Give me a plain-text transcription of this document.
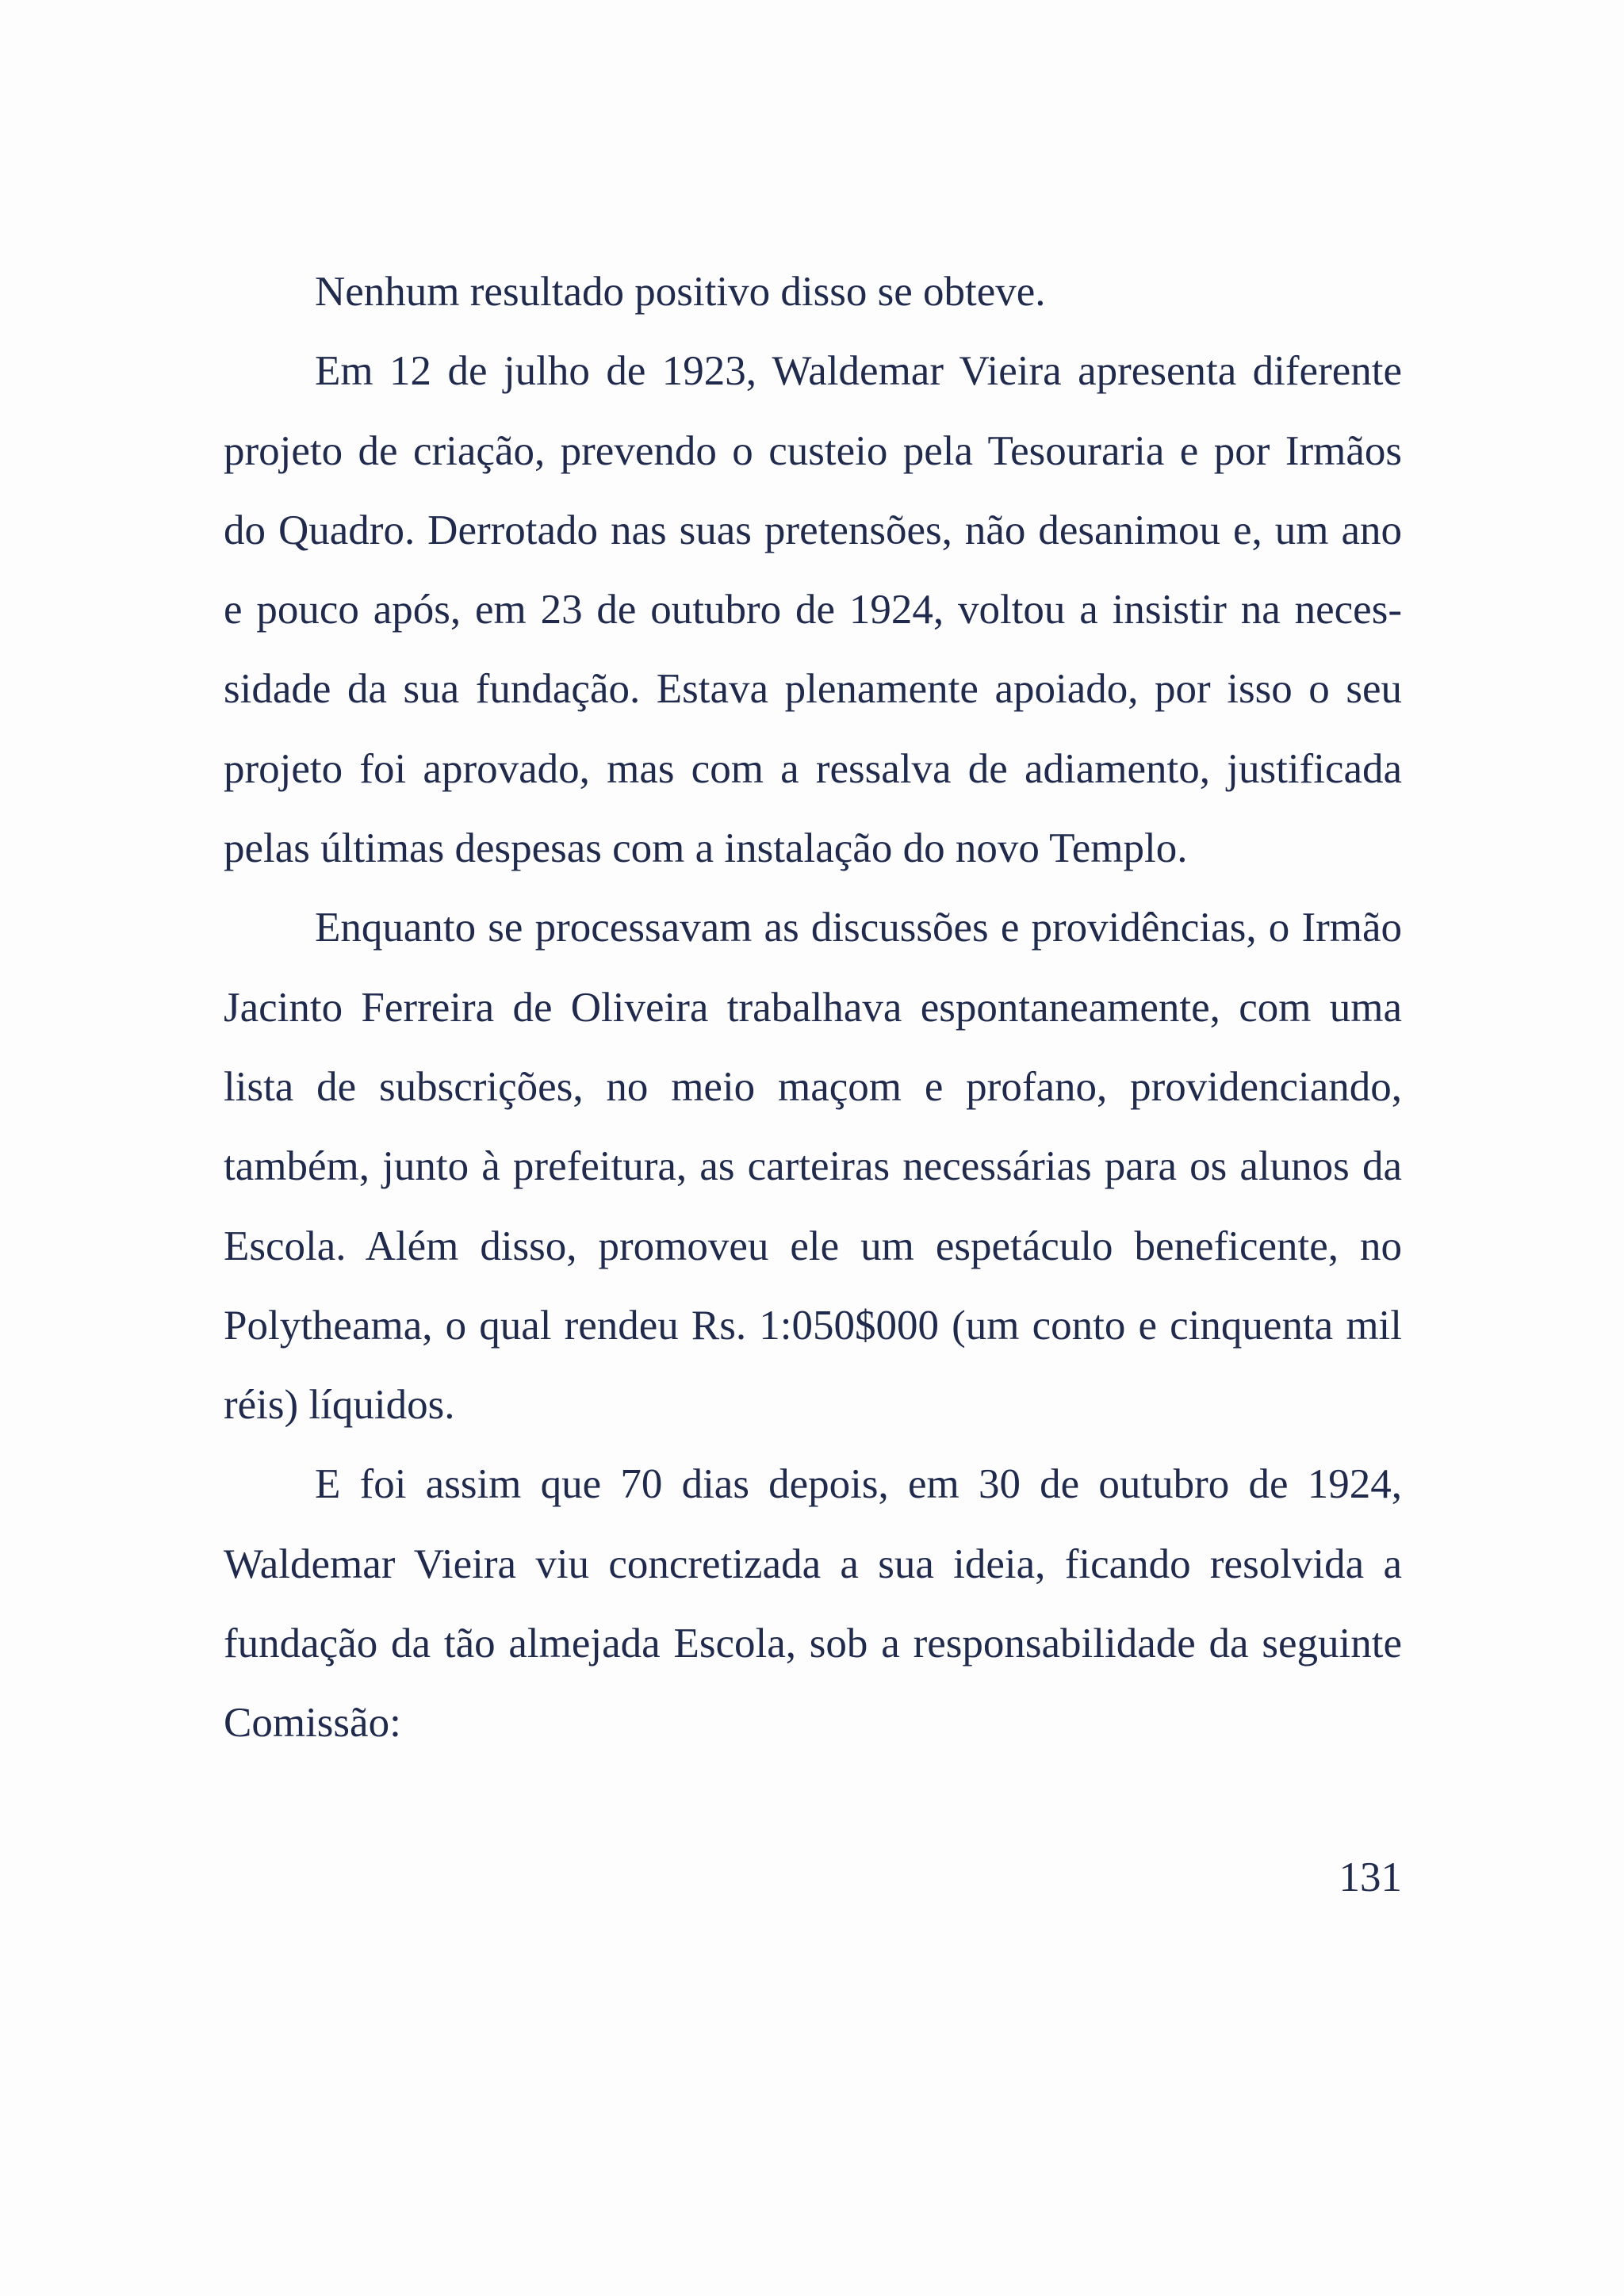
Nenhum resultado positivo disso se obteve.

Em 12 de julho de 1923, Waldemar Vieira apresenta diferente projeto de criação, prevendo o custeio pela Tesouraria e por Irmãos do Quadro. Derrotado nas suas pretensões, não desanimou e, um ano e pouco após, em 23 de outubro de 1924, voltou a insistir na necessidade da sua fundação. Estava plenamente apoiado, por isso o seu projeto foi aprovado, mas com a ressalva de adiamento, justificada pelas últimas despesas com a instalação do novo Templo.

Enquanto se processavam as discussões e providências, o Irmão Jacinto Ferreira de Oliveira trabalhava espontaneamente, com uma lista de subscrições, no meio maçom e profano, providenciando, também, junto à prefeitura, as carteiras necessárias para os alunos da Escola. Além disso, promoveu ele um espetáculo beneficente, no Polytheama, o qual rendeu Rs. 1:050$000 (um conto e cinquenta mil réis) líquidos.

E foi assim que 70 dias depois, em 30 de outubro de 1924, Waldemar Vieira viu concretizada a sua ideia, ficando resolvida a fundação da tão almejada Escola, sob a responsabilidade da seguinte Comissão:

131
